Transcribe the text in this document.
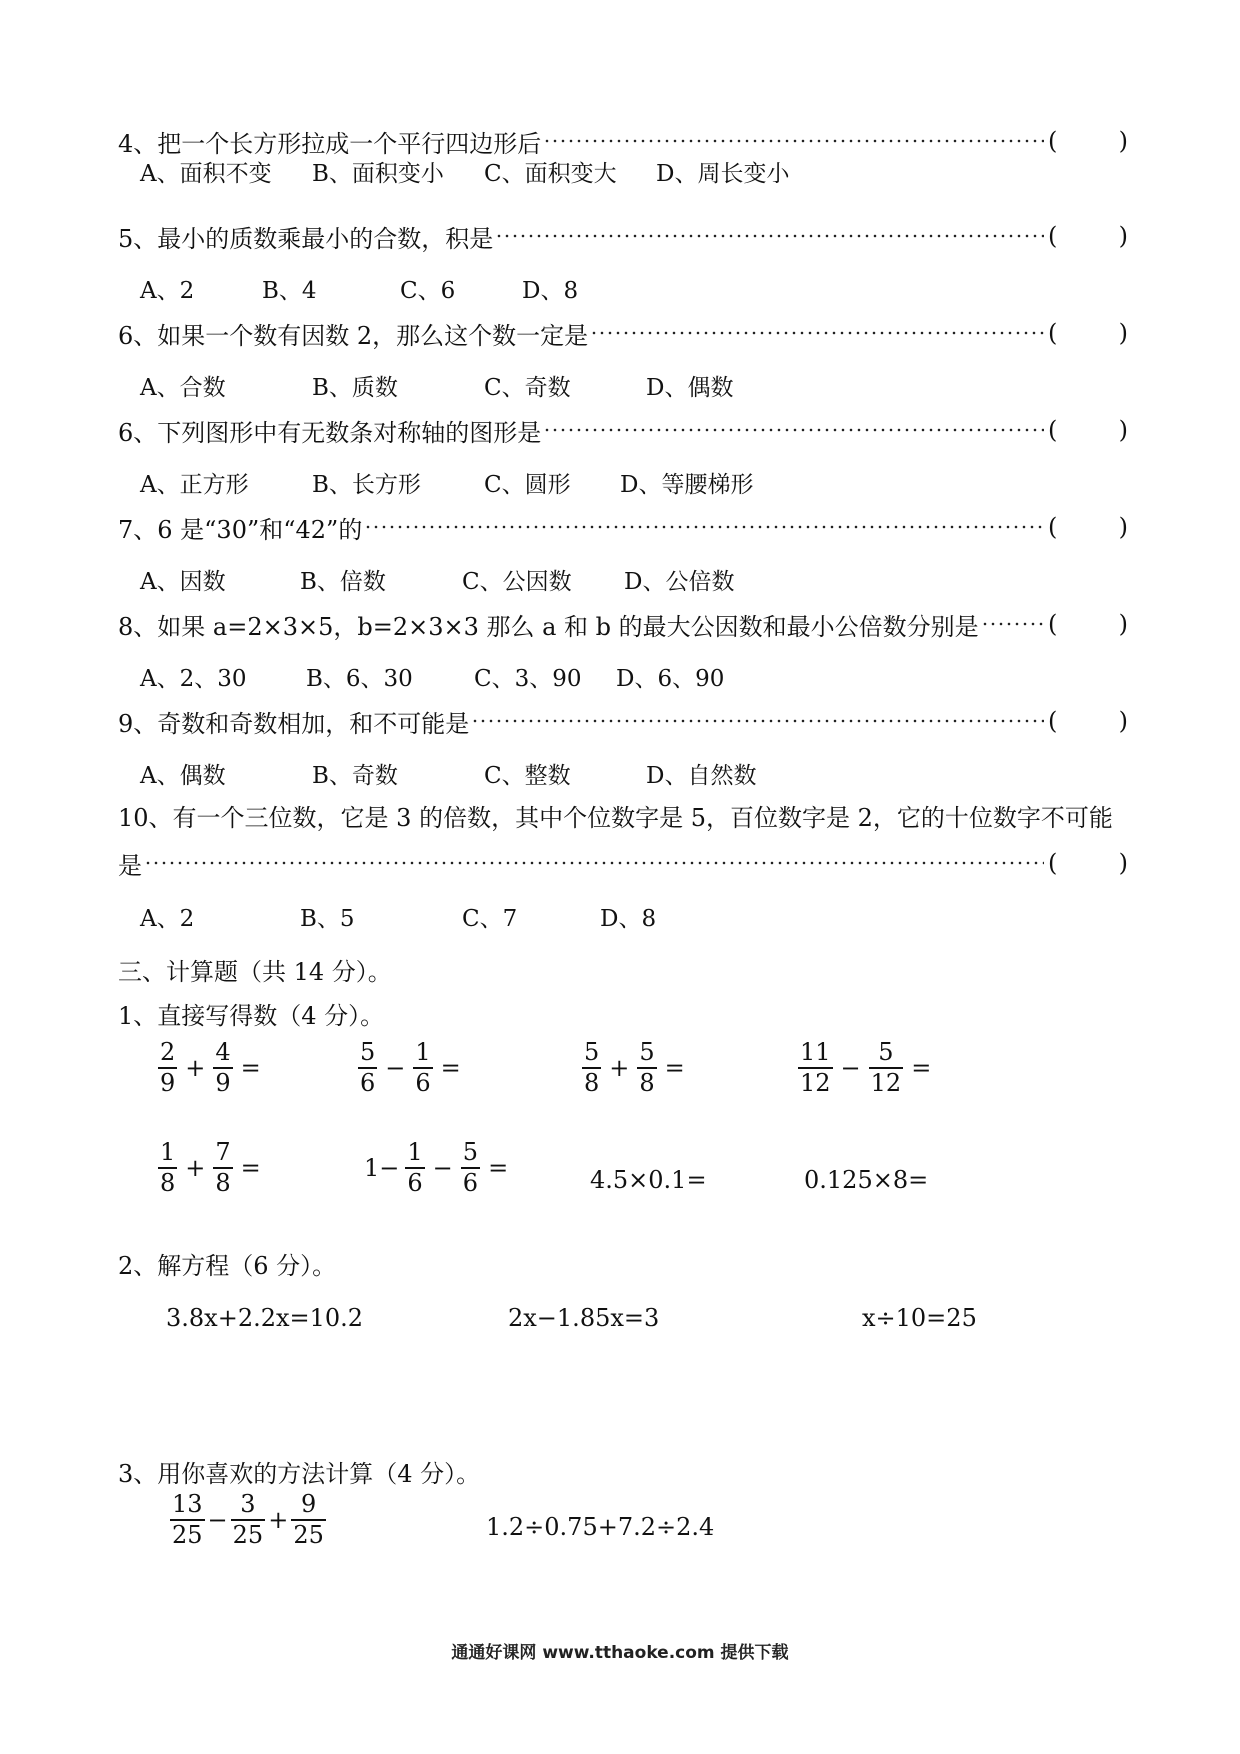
4、把一个长方形拉成一个平行四边形后	(	)
A、面积不变 B、面积变小 C、面积变大 D、周长变小
5、最小的质数乘最小的合数，积是	(	)
A、2	B、4	C、6	D、8
6、如果一个数有因数 2，那么这个数一定是	(	)
A、合数	B、质数	C、奇数	D、偶数
6、下列图形中有无数条对称轴的图形是	(	)
A、正方形	B、长方形	C、圆形 D、等腰梯形
7、6 是“30”和“42”的	(	)
A、因数	B、倍数	C、公因数 D、公倍数
8、如果 a=2×3×5，b=2×3×3 那么 a 和 b 的最大公因数和最小公倍数分别是	(	)
A、2、30	B、6、30	C、3、90 D、6、90
9、奇数和奇数相加，和不可能是	(	)
A、偶数	B、奇数	C、整数	D、自然数
10、有一个三位数，它是 3 的倍数，其中个位数字是 5，百位数字是 2，它的十位数字不可能
是	(	)
A、2	B、5	C、7	D、8
三、计算题（共 14 分）。
1、直接写得数（4 分）。
$\frac{2}{9} + \frac{4}{9}$ =	$\frac{5}{6} - \frac{1}{6}$ =	$\frac{5}{8} + \frac{5}{8}$ =	$\frac{11}{12} - \frac{5}{12}$ =
$\frac{1}{8} + \frac{7}{8}$ =	$1- \frac{1}{6} - \frac{5}{6}$ =	4.5×0.1=	0.125×8=
2、解方程（6 分）。
3.8x+2.2x=10.2	2x−1.85x=3	x÷10=25
3、用你喜欢的方法计算（4 分）。
$\frac{13}{25} - \frac{3}{25} + \frac{9}{25}$	1.2÷0.75+7.2÷2.4
通通好课网 www.tthaoke.com 提供下载
